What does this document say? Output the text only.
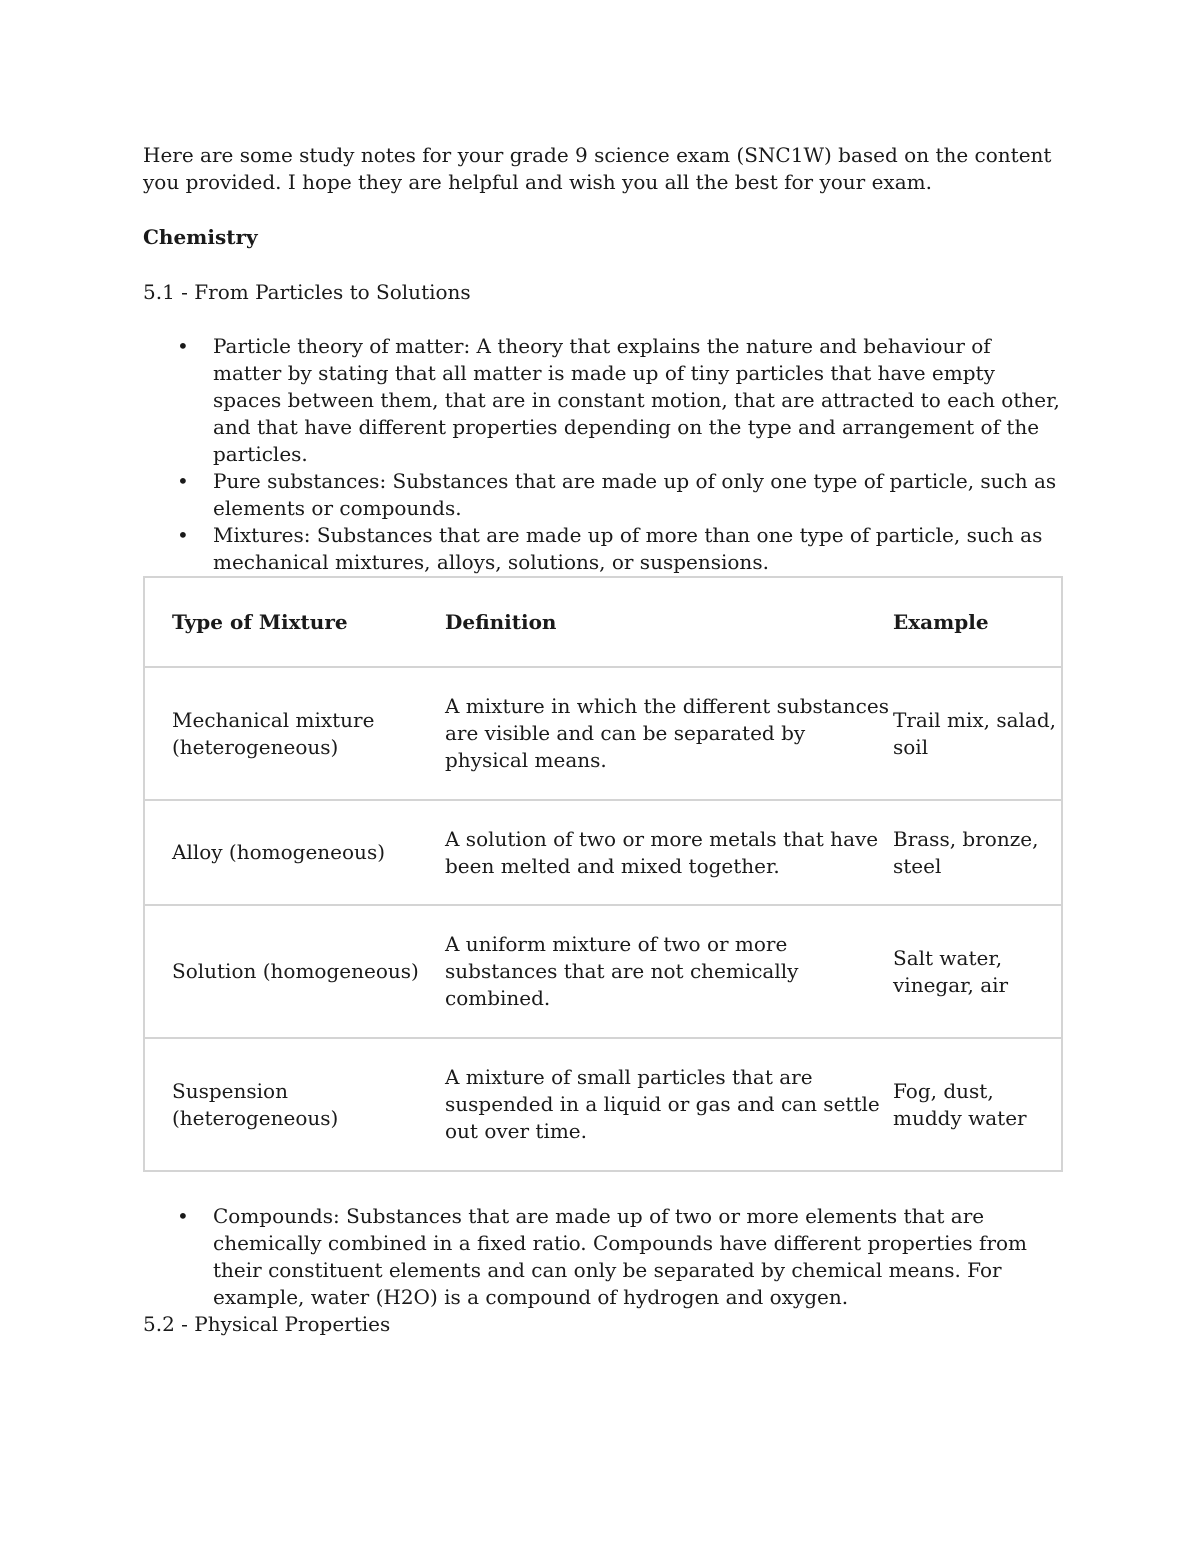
Here are some study notes for your grade 9 science exam (SNC1W) based on the content you provided. I hope they are helpful and wish you all the best for your exam.

Chemistry

5.1 - From Particles to Solutions

• Particle theory of matter: A theory that explains the nature and behaviour of matter by stating that all matter is made up of tiny particles that have empty spaces between them, that are in constant motion, that are attracted to each other, and that have different properties depending on the type and arrangement of the particles.
• Pure substances: Substances that are made up of only one type of particle, such as elements or compounds.
• Mixtures: Substances that are made up of more than one type of particle, such as mechanical mixtures, alloys, solutions, or suspensions.
Type of Mixture	Definition	Example
Mechanical mixture (heterogeneous)	A mixture in which the different substances are visible and can be separated by physical means.	Trail mix, salad, soil
Alloy (homogeneous)	A solution of two or more metals that have been melted and mixed together.	Brass, bronze, steel
Solution (homogeneous)	A uniform mixture of two or more substances that are not chemically combined.	Salt water, vinegar, air
Suspension (heterogeneous)	A mixture of small particles that are suspended in a liquid or gas and can settle out over time.	Fog, dust, muddy water
• Compounds: Substances that are made up of two or more elements that are chemically combined in a fixed ratio. Compounds have different properties from their constituent elements and can only be separated by chemical means. For example, water (H2O) is a compound of hydrogen and oxygen.

5.2 - Physical Properties
